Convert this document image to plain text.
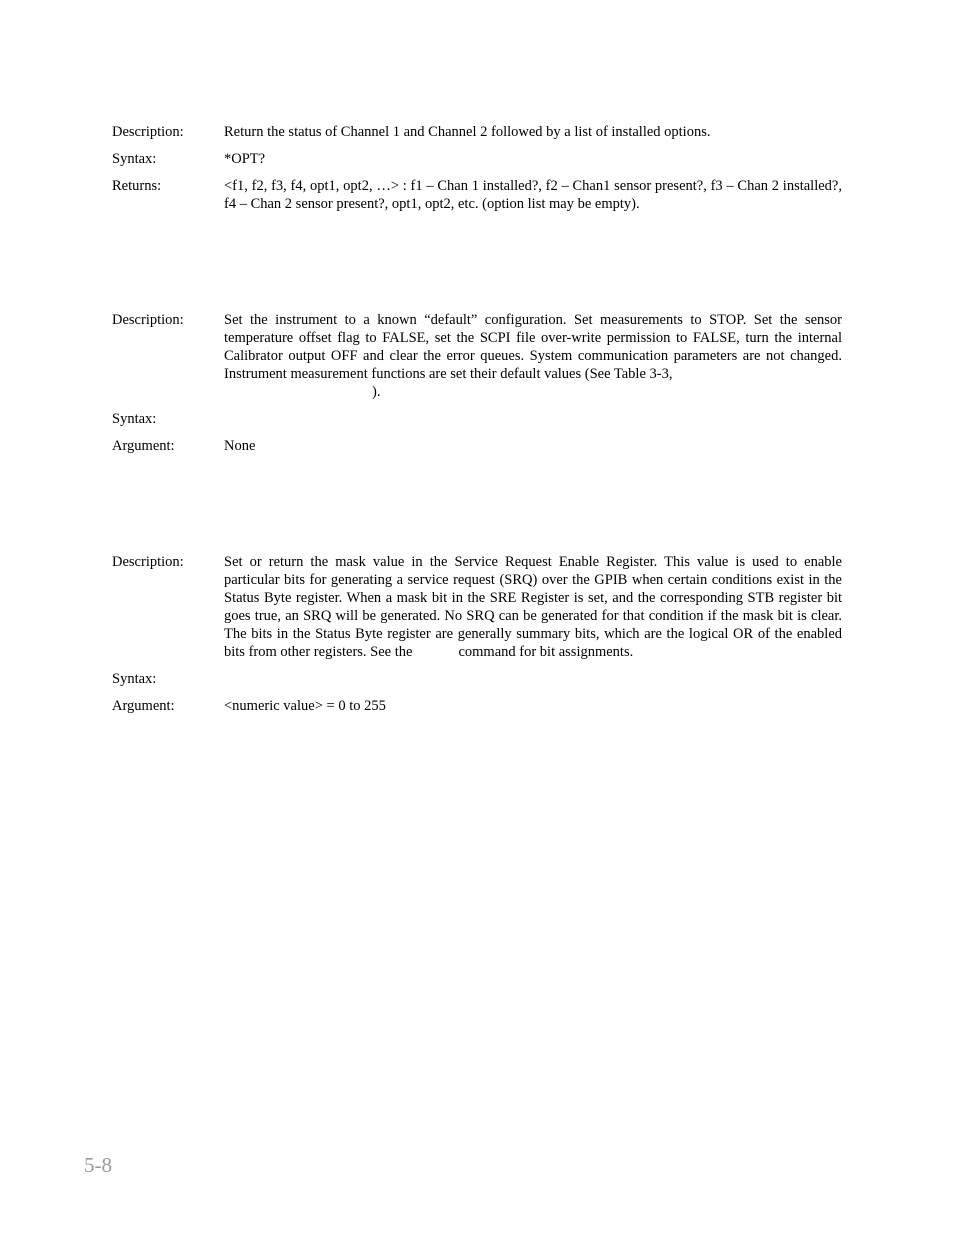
Description:	Return the status of Channel 1 and Channel 2 followed by a list of installed options.
Syntax:	*OPT?
Returns:	<f1, f2, f3, f4, opt1, opt2, …> : f1 – Chan 1 installed?, f2 – Chan1 sensor present?, f3 – Chan 2 installed?, f4 – Chan 2 sensor present?, opt1, opt2, etc. (option list may be empty).
Description:	Set the instrument to a known “default” configuration. Set measurements to STOP. Set the sensor temperature offset flag to FALSE, set the SCPI file over-write permission to FALSE, turn the internal Calibrator output OFF and clear the error queues. System communication parameters are not changed. Instrument measurement functions are set their default values (See Table 3-3,
).
Syntax:
Argument:	None
Description:	Set or return the mask value in the Service Request Enable Register. This value is used to enable particular bits for generating a service request (SRQ) over the GPIB when certain conditions exist in the Status Byte register. When a mask bit in the SRE Register is set, and the corresponding STB register bit goes true, an SRQ will be generated. No SRQ can be generated for that condition if the mask bit is clear. The bits in the Status Byte register are generally summary bits, which are the logical OR of the enabled bits from other registers. See the	command for bit assignments.
Syntax:
Argument:	<numeric value> = 0 to 255
5-8
